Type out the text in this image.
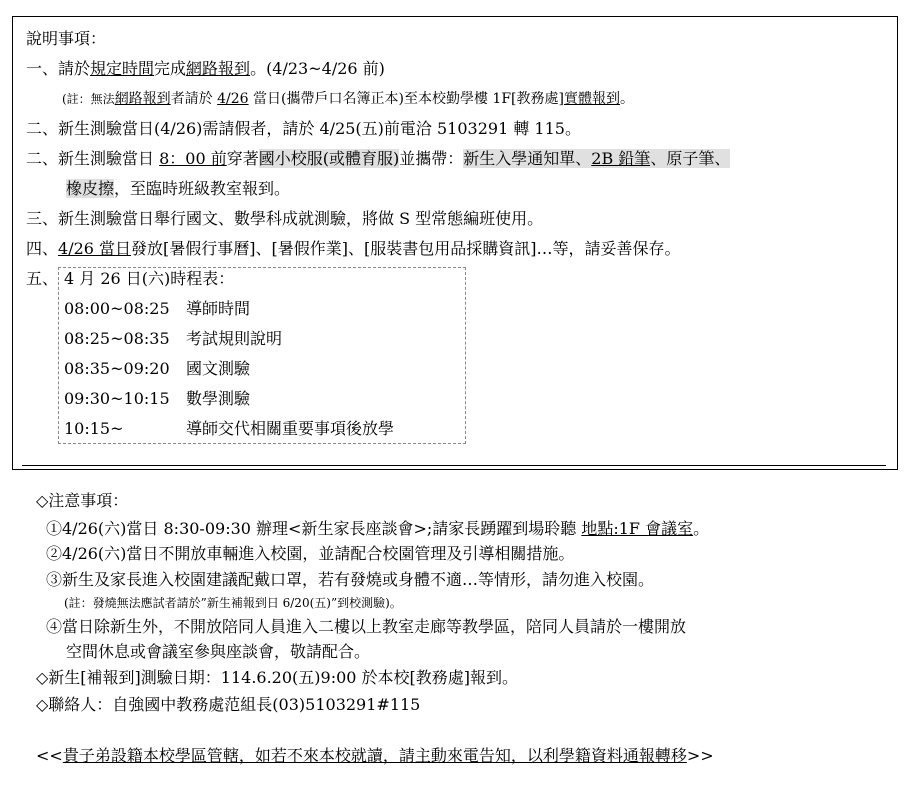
說明事項：
一、請於規定時間完成網路報到。(4/23~4/26 前)
(註：無法網路報到者請於 4/26 當日(攜帶戶口名簿正本)至本校勤學樓 1F[教務處]實體報到。
二、新生測驗當日(4/26)需請假者，請於 4/25(五)前電洽 5103291 轉 115。
二、新生測驗當日 8：00 前穿著國小校服(或體育服)並攜帶：新生入學通知單、2B 鉛筆、原子筆、
橡皮擦，至臨時班級教室報到。
三、新生測驗當日舉行國文、數學科成就測驗，將做 S 型常態編班使用。
四、4/26 當日發放[暑假行事曆]、[暑假作業]、[服裝書包用品採購資訊]…等，請妥善保存。
五、 4 月 26 日(六)時程表：
08:00~08:25 導師時間
08:25~08:35 考試規則說明
08:35~09:20 國文測驗
09:30~10:15 數學測驗
10:15~	導師交代相關重要事項後放學
◇注意事項：
①4/26(六)當日 8:30-09:30 辦理<新生家長座談會>;請家長踴躍到場聆聽 地點:1F 會議室。
②4/26(六)當日不開放車輛進入校園，並請配合校園管理及引導相關措施。
③新生及家長進入校園建議配戴口罩，若有發燒或身體不適…等情形，請勿進入校園。
(註：發燒無法應試者請於”新生補報到日 6/20(五)”到校測驗)。
④當日除新生外，不開放陪同人員進入二樓以上教室走廊等教學區，陪同人員請於一樓開放
空間休息或會議室參與座談會，敬請配合。
◇新生[補報到]測驗日期：114.6.20(五)9:00 於本校[教務處]報到。
◇聯絡人：自強國中教務處范組長(03)5103291#115
<<貴子弟設籍本校學區管轄，如若不來本校就讀，請主動來電告知，以利學籍資料通報轉移>>
